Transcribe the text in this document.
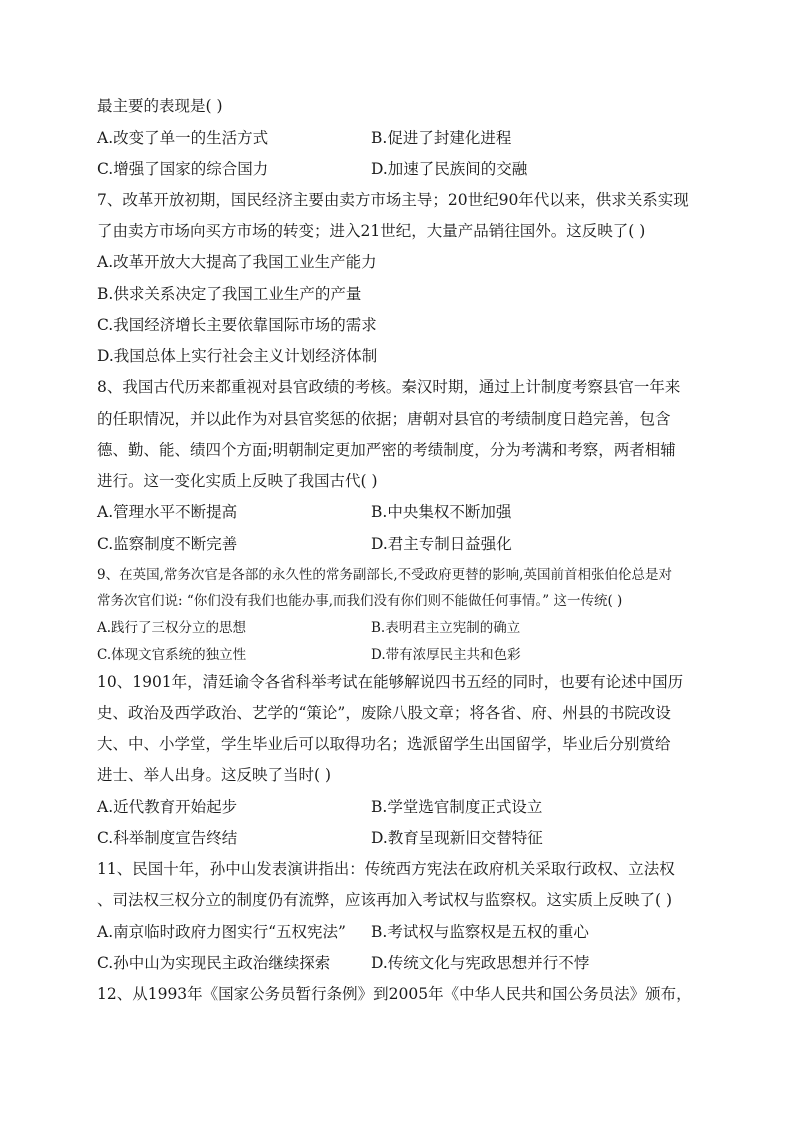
最主要的表现是( )
A.改变了单一的生活方式	B.促进了封建化进程
C.增强了国家的综合国力	D.加速了民族间的交融
7、改革开放初期，国民经济主要由卖方市场主导；20世纪90年代以来，供求关系实现
了由卖方市场向买方市场的转变；进入21世纪，大量产品销往国外。这反映了( )
A.改革开放大大提高了我国工业生产能力
B.供求关系决定了我国工业生产的产量
C.我国经济增长主要依靠国际市场的需求
D.我国总体上实行社会主义计划经济体制
8、我国古代历来都重视对县官政绩的考核。秦汉时期，通过上计制度考察县官一年来
的任职情况，并以此作为对县官奖惩的依据；唐朝对县官的考绩制度日趋完善，包含
德、勤、能、绩四个方面;明朝制定更加严密的考绩制度，分为考满和考察，两者相辅
进行。这一变化实质上反映了我国古代( )
A.管理水平不断提高	B.中央集权不断加强
C.监察制度不断完善	D.君主专制日益强化
9、在英国,常务次官是各部的永久性的常务副部长,不受政府更替的影响,英国前首相张伯伦总是对
常务次官们说: “你们没有我们也能办事,而我们没有你们则不能做任何事情。” 这一传统( )
A.践行了三权分立的思想	B.表明君主立宪制的确立
C.体现文官系统的独立性	D.带有浓厚民主共和色彩
10、1901年，清廷谕令各省科举考试在能够解说四书五经的同时，也要有论述中国历
史、政治及西学政治、艺学的“策论”，废除八股文章；将各省、府、州县的书院改设
大、中、小学堂，学生毕业后可以取得功名；选派留学生出国留学，毕业后分别赏给
进士、举人出身。这反映了当时( )
A.近代教育开始起步	B.学堂选官制度正式设立
C.科举制度宣告终结	D.教育呈现新旧交替特征
11、民国十年，孙中山发表演讲指出：传统西方宪法在政府机关采取行政权、立法权
、司法权三权分立的制度仍有流弊，应该再加入考试权与监察权。这实质上反映了( )
A.南京临时政府力图实行“五权宪法” B.考试权与监察权是五权的重心
C.孙中山为实现民主政治继续探索	D.传统文化与宪政思想并行不悖
12、从1993年《国家公务员暂行条例》到2005年《中华人民共和国公务员法》颁布，
